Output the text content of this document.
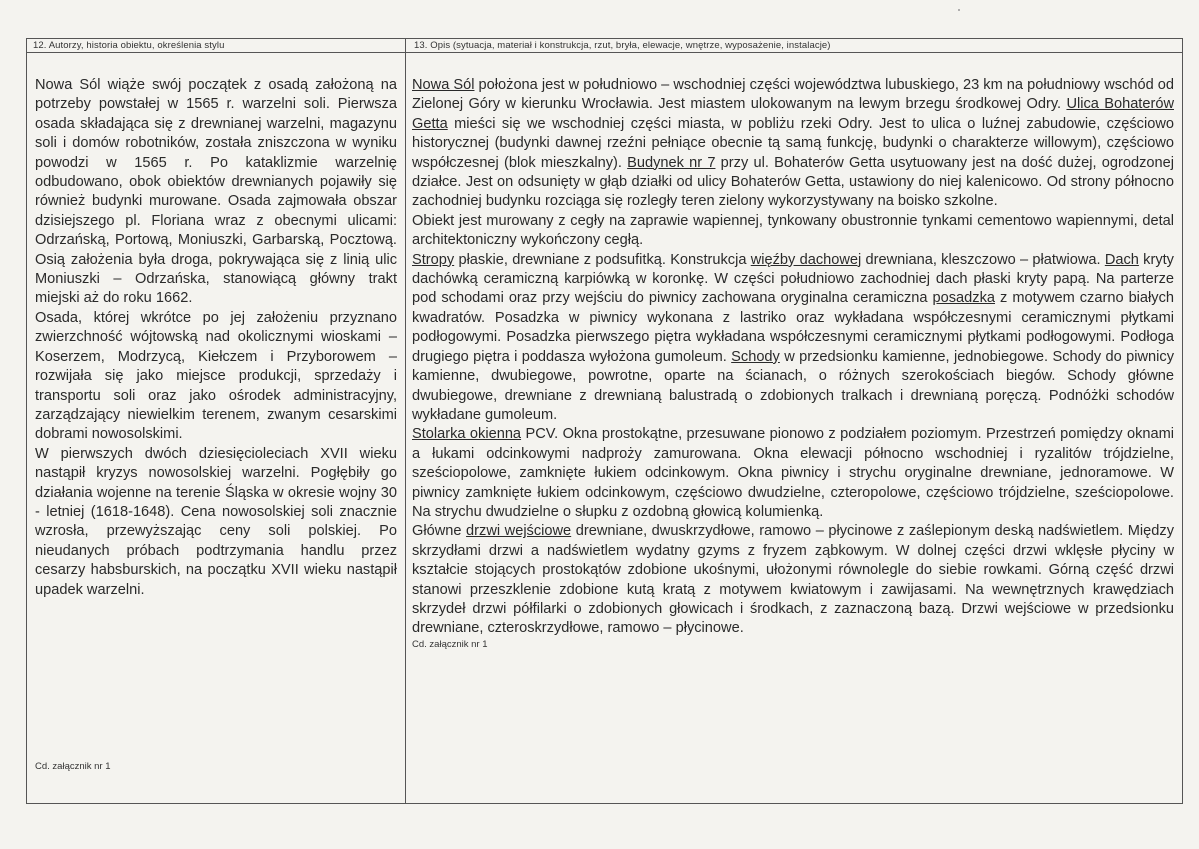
12. Autorzy, historia obiektu, określenia stylu	13. Opis (sytuacja, materiał i konstrukcja, rzut, bryła, elewacje, wnętrze, wyposażenie, instalacje)

Nowa Sól wiąże swój początek z osadą założoną na potrzeby powstałej w 1565 r. warzelni soli. Pierwsza osada składająca się z drewnianej warzelni, magazynu soli i domów robotników, została zniszczona w wyniku powodzi w 1565 r. Po kataklizmie warzelnię odbudowano, obok obiektów drewnianych pojawiły się również budynki murowane. Osada zajmowała obszar dzisiejszego pl. Floriana wraz z obecnymi ulicami: Odrzańską, Portową, Moniuszki, Garbarską, Pocztową. Osią założenia była droga, pokrywająca się z linią ulic Moniuszki – Odrzańska, stanowiącą główny trakt miejski aż do roku 1662.

Osada, której wkrótce po jej założeniu przyznano zwierzchność wójtowską nad okolicznymi wioskami – Koserzem, Modrzycą, Kiełczem i Przyborowem – rozwijała się jako miejsce produkcji, sprzedaży i transportu soli oraz jako ośrodek administracyjny, zarządzający niewielkim terenem, zwanym cesarskimi dobrami nowosolskimi.

W pierwszych dwóch dziesięcioleciach XVII wieku nastąpił kryzys nowosolskiej warzelni. Pogłębiły go działania wojenne na terenie Śląska w okresie wojny 30 - letniej (1618-1648). Cena nowosolskiej soli znacznie wzrosła, przewyższając ceny soli polskiej. Po nieudanych próbach podtrzymania handlu przez cesarzy habsburskich, na początku XVII wieku nastąpił upadek warzelni.

Cd. załącznik nr 1

Nowa Sól położona jest w południowo – wschodniej części województwa lubuskiego, 23 km na południowy wschód od Zielonej Góry w kierunku Wrocławia. Jest miastem ulokowanym na lewym brzegu środkowej Odry. Ulica Bohaterów Getta mieści się we wschodniej części miasta, w pobliżu rzeki Odry. Jest to ulica o luźnej zabudowie, częściowo historycznej (budynki dawnej rzeźni pełniące obecnie tą samą funkcję, budynki o charakterze willowym), częściowo współczesnej (blok mieszkalny). Budynek nr 7 przy ul. Bohaterów Getta usytuowany jest na dość dużej, ogrodzonej działce. Jest on odsunięty w głąb działki od ulicy Bohaterów Getta, ustawiony do niej kalenicowo. Od strony północno zachodniej budynku rozciąga się rozległy teren zielony wykorzystywany na boisko szkolne.

Obiekt jest murowany z cegły na zaprawie wapiennej, tynkowany obustronnie tynkami cementowo wapiennymi, detal architektoniczny wykończony cegłą.

Stropy płaskie, drewniane z podsufitką. Konstrukcja więźby dachowej drewniana, kleszczowo – płatwiowa. Dach kryty dachówką ceramiczną karpiówką w koronkę. W części południowo zachodniej dach płaski kryty papą. Na parterze pod schodami oraz przy wejściu do piwnicy zachowana oryginalna ceramiczna posadzka z motywem czarno białych kwadratów. Posadzka w piwnicy wykonana z lastriko oraz wykładana współczesnymi ceramicznymi płytkami podłogowymi. Posadzka pierwszego piętra wykładana współczesnymi ceramicznymi płytkami podłogowymi. Podłoga drugiego piętra i poddasza wyłożona gumoleum. Schody w przedsionku kamienne, jednobiegowe. Schody do piwnicy kamienne, dwubiegowe, powrotne, oparte na ścianach, o różnych szerokościach biegów. Schody główne dwubiegowe, drewniane z drewnianą balustradą o zdobionych tralkach i drewnianą poręczą. Podnóżki schodów wykładane gumoleum.

Stolarka okienna PCV. Okna prostokątne, przesuwane pionowo z podziałem poziomym. Przestrzeń pomiędzy oknami a łukami odcinkowymi nadproży zamurowana. Okna elewacji północno wschodniej i ryzalitów trójdzielne, sześciopolowe, zamknięte łukiem odcinkowym. Okna piwnicy i strychu oryginalne drewniane, jednoramowe. W piwnicy zamknięte łukiem odcinkowym, częściowo dwudzielne, czteropolowe, częściowo trójdzielne, sześciopolowe. Na strychu dwudzielne o słupku z ozdobną głowicą kolumienką.

Główne drzwi wejściowe drewniane, dwuskrzydłowe, ramowo – płycinowe z zaślepionym deską nadświetlem. Między skrzydłami drzwi a nadświetlem wydatny gzyms z fryzem ząbkowym. W dolnej części drzwi wklęsłe płyciny w kształcie stojących prostokątów zdobione ukośnymi, ułożonymi równolegle do siebie rowkami. Górną część drzwi stanowi przeszklenie zdobione kutą kratą z motywem kwiatowym i zawijasami. Na wewnętrznych krawędziach skrzydeł drzwi półfilarki o zdobionych głowicach i środkach, z zaznaczoną bazą. Drzwi wejściowe w przedsionku drewniane, czteroskrzydłowe, ramowo – płycinowe.

Cd. załącznik nr 1
